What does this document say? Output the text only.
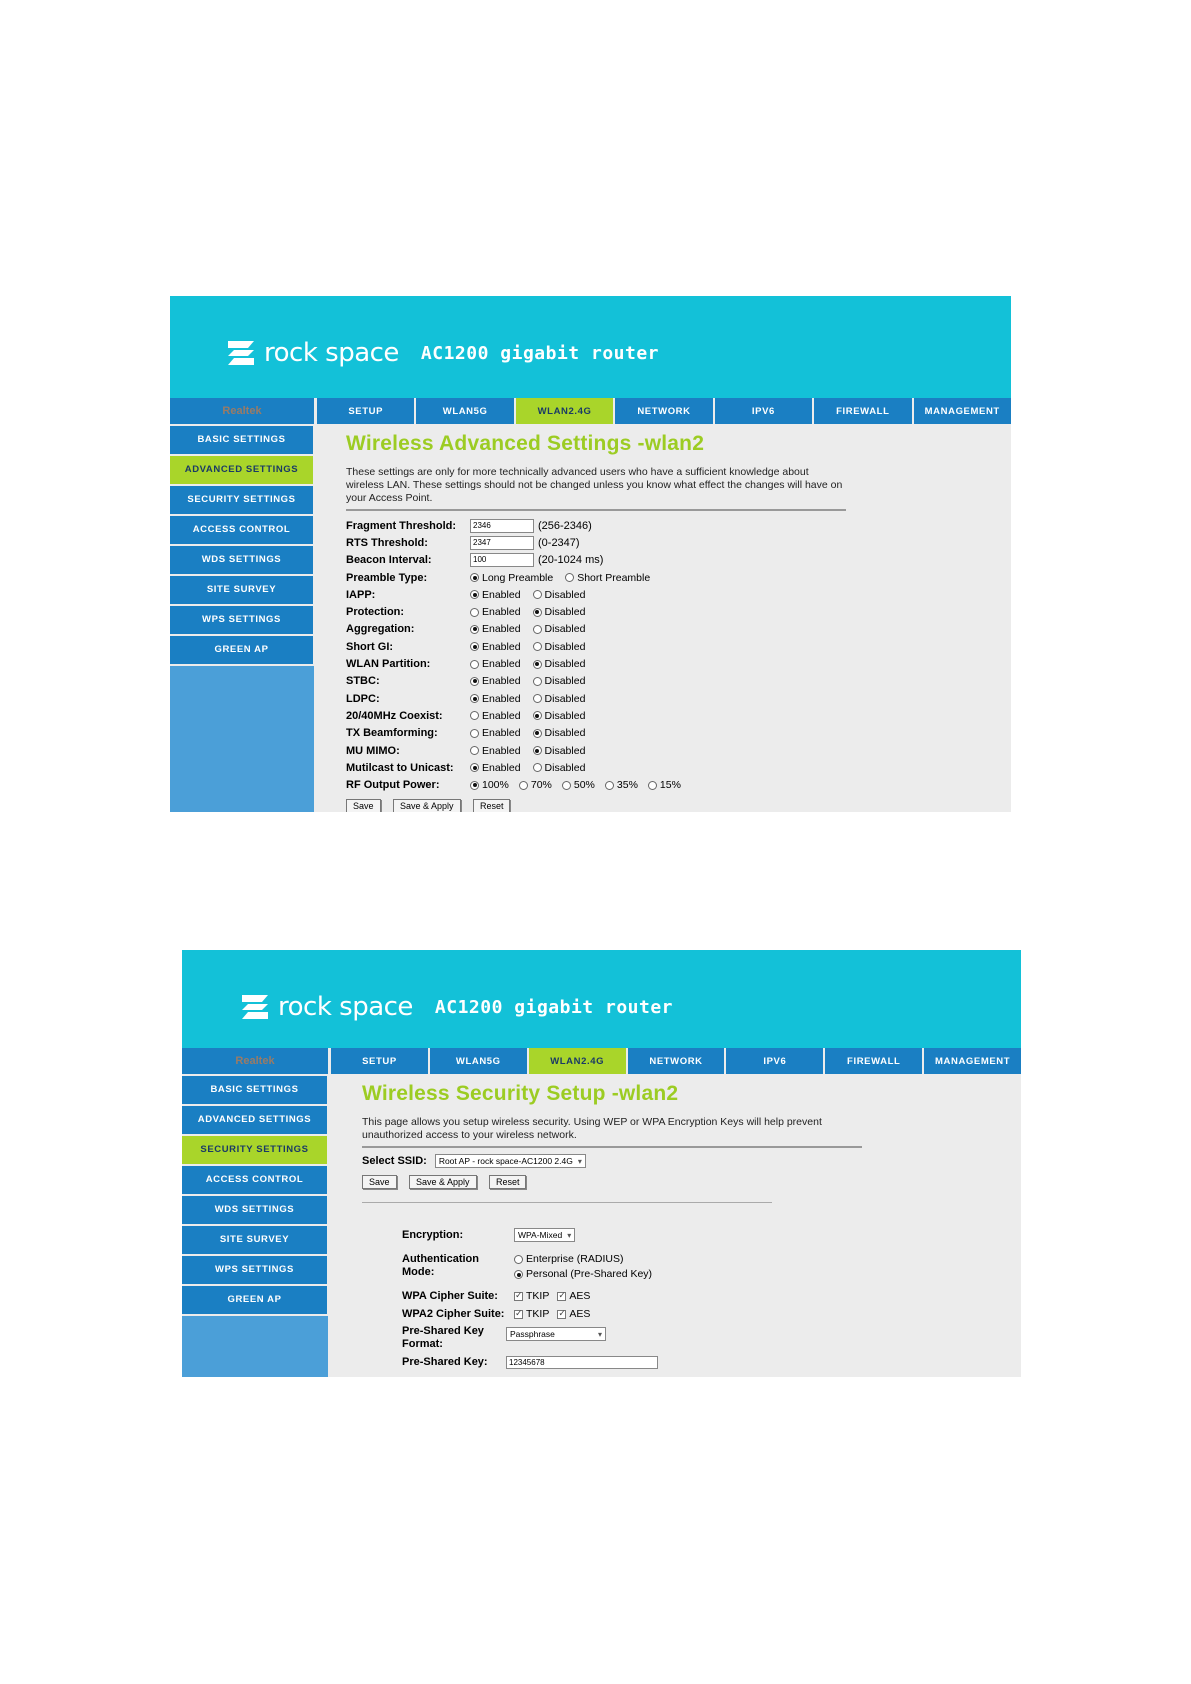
rock space AC1200 gigabit router
Realtek
BASIC SETTINGS
ADVANCED SETTINGS
SECURITY SETTINGS
ACCESS CONTROL
WDS SETTINGS
SITE SURVEY
WPS SETTINGS
GREEN AP
SETUP	WLAN5G	WLAN2.4G	NETWORK	IPV6	FIREWALL	MANAGEMENT
Wireless Advanced Settings -wlan2
These settings are only for more technically advanced users who have a sufficient knowledge about wireless LAN. These settings should not be changed unless you know what effect the changes will have on your Access Point.
Fragment Threshold:	2346	(256-2346)
RTS Threshold:	2347	(0-2347)
Beacon Interval:	100	(20-1024 ms)
Preamble Type:	Long Preamble Short Preamble
IAPP:	Enabled Disabled
Protection:	Enabled Disabled
Aggregation:	Enabled Disabled
Short GI:	Enabled Disabled
WLAN Partition:	Enabled Disabled
STBC:	Enabled Disabled
LDPC:	Enabled Disabled
20/40MHz Coexist:	Enabled Disabled
TX Beamforming:	Enabled Disabled
MU MIMO:	Enabled Disabled
Mutilcast to Unicast:	Enabled Disabled
RF Output Power:	100% 70% 50% 35% 15%
Save	Save & Apply	Reset
rock space AC1200 gigabit router
Realtek
BASIC SETTINGS
ADVANCED SETTINGS
SECURITY SETTINGS
ACCESS CONTROL
WDS SETTINGS
SITE SURVEY
WPS SETTINGS
GREEN AP
SETUP	WLAN5G	WLAN2.4G	NETWORK	IPV6	FIREWALL	MANAGEMENT
Wireless Security Setup -wlan2
This page allows you setup wireless security. Using WEP or WPA Encryption Keys will help prevent unauthorized access to your wireless network.
Select SSID: Root AP - rock space-AC1200 2.4G ▾
Save	Save & Apply	Reset
Encryption:	WPA-Mixed ▾
Authentication Mode:
Enterprise (RADIUS)
Personal (Pre-Shared Key)
WPA Cipher Suite: ✓	TKIP ✓ AES
WPA2 Cipher Suite: ✓	TKIP ✓ AES
Pre-Shared Key Format:
Passphrase	▾
Pre-Shared Key:	12345678
